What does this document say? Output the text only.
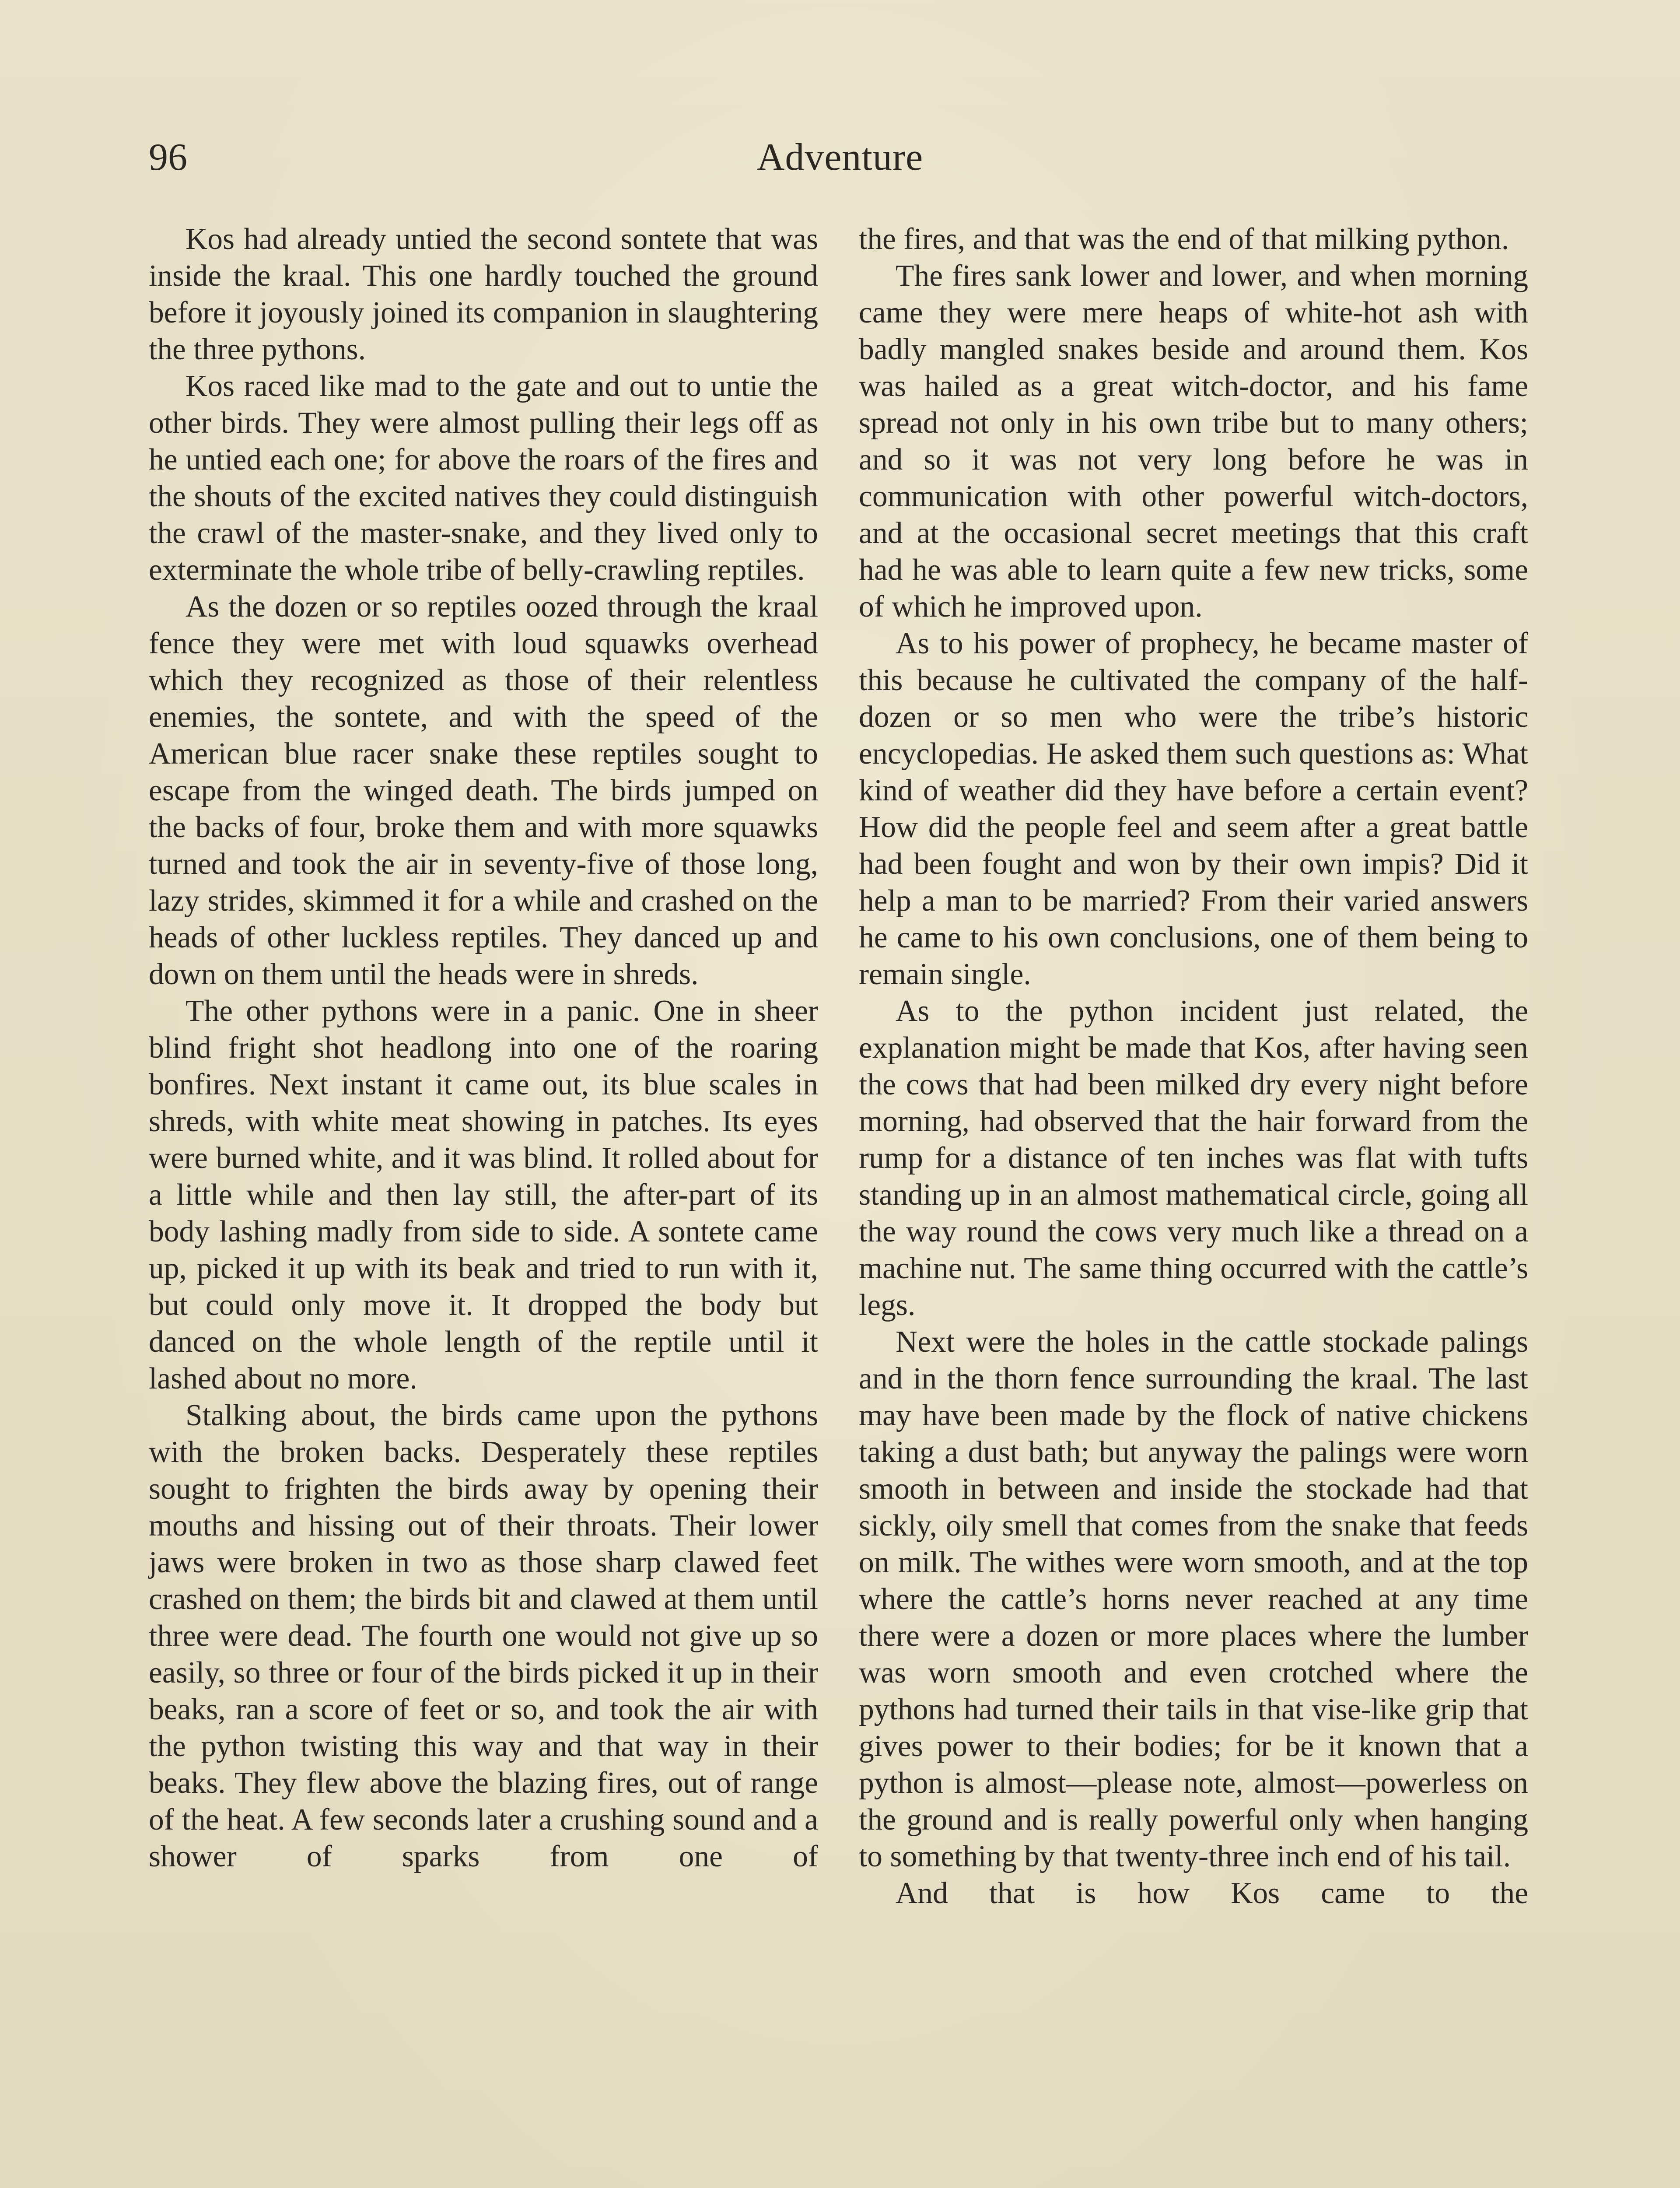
96	Adventure

Kos had already untied the second sontete that was inside the kraal. This one hardly touched the ground before it joyously joined its companion in slaughtering the three pythons.

Kos raced like mad to the gate and out to untie the other birds. They were almost pulling their legs off as he untied each one; for above the roars of the fires and the shouts of the excited natives they could distinguish the crawl of the master-snake, and they lived only to exterminate the whole tribe of belly-crawling reptiles.

As the dozen or so reptiles oozed through the kraal fence they were met with loud squawks overhead which they recognized as those of their relentless enemies, the sontete, and with the speed of the American blue racer snake these reptiles sought to escape from the winged death. The birds jumped on the backs of four, broke them and with more squawks turned and took the air in seventy-five of those long, lazy strides, skimmed it for a while and crashed on the heads of other luckless reptiles. They danced up and down on them until the heads were in shreds.

The other pythons were in a panic. One in sheer blind fright shot headlong into one of the roaring bonfires. Next instant it came out, its blue scales in shreds, with white meat showing in patches. Its eyes were burned white, and it was blind. It rolled about for a little while and then lay still, the after-part of its body lashing madly from side to side. A sontete came up, picked it up with its beak and tried to run with it, but could only move it. It dropped the body but danced on the whole length of the reptile until it lashed about no more.

Stalking about, the birds came upon the pythons with the broken backs. Desperately these reptiles sought to frighten the birds away by opening their mouths and hissing out of their throats. Their lower jaws were broken in two as those sharp clawed feet crashed on them; the birds bit and clawed at them until three were dead. The fourth one would not give up so easily, so three or four of the birds picked it up in their beaks, ran a score of feet or so, and took the air with the python twisting this way and that way in their beaks. They flew above the blazing fires, out of range of the heat. A few seconds later a crushing sound and a shower of sparks from one of

the fires, and that was the end of that milking python.

The fires sank lower and lower, and when morning came they were mere heaps of white-hot ash with badly mangled snakes beside and around them. Kos was hailed as a great witch-doctor, and his fame spread not only in his own tribe but to many others; and so it was not very long before he was in communication with other powerful witch-doctors, and at the occasional secret meetings that this craft had he was able to learn quite a few new tricks, some of which he improved upon.

As to his power of prophecy, he became master of this because he cultivated the company of the half-dozen or so men who were the tribe’s historic encyclopedias. He asked them such questions as: What kind of weather did they have before a certain event? How did the people feel and seem after a great battle had been fought and won by their own impis? Did it help a man to be married? From their varied answers he came to his own conclusions, one of them being to remain single.

As to the python incident just related, the explanation might be made that Kos, after having seen the cows that had been milked dry every night before morning, had observed that the hair forward from the rump for a distance of ten inches was flat with tufts standing up in an almost mathematical circle, going all the way round the cows very much like a thread on a machine nut. The same thing occurred with the cattle’s legs.

Next were the holes in the cattle stockade palings and in the thorn fence surrounding the kraal. The last may have been made by the flock of native chickens taking a dust bath; but anyway the palings were worn smooth in between and inside the stockade had that sickly, oily smell that comes from the snake that feeds on milk. The withes were worn smooth, and at the top where the cattle’s horns never reached at any time there were a dozen or more places where the lumber was worn smooth and even crotched where the pythons had turned their tails in that vise-like grip that gives power to their bodies; for be it known that a python is almost—please note, almost—powerless on the ground and is really powerful only when hanging to something by that twenty-three inch end of his tail.

And that is how Kos came to the
